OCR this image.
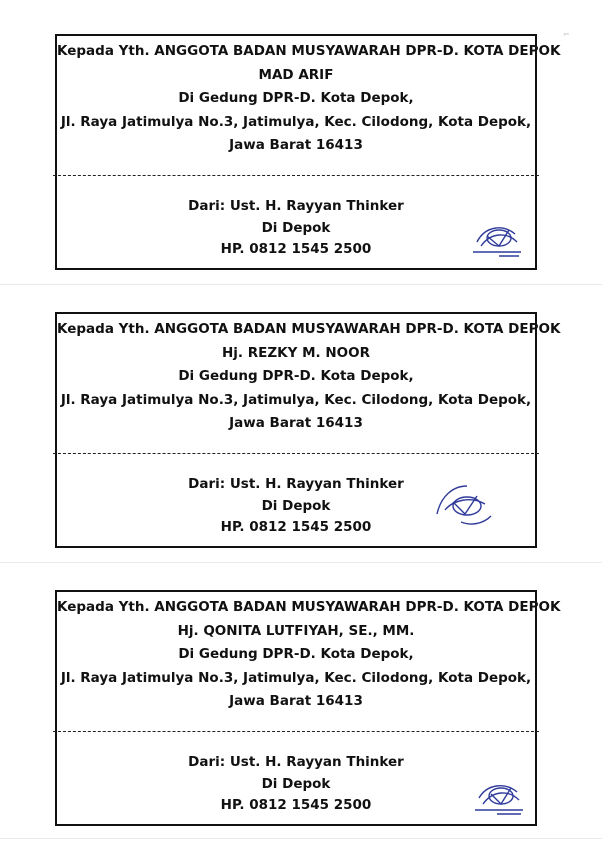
⌐
Kepada Yth. ANGGOTA BADAN MUSYAWARAH DPR-D. KOTA DEPOK
MAD ARIF
Di Gedung DPR-D. Kota Depok,
Jl. Raya Jatimulya No.3, Jatimulya, Kec. Cilodong, Kota Depok,
Jawa Barat 16413
Dari: Ust. H. Rayyan Thinker
Di Depok
HP. 0812 1545 2500
Kepada Yth. ANGGOTA BADAN MUSYAWARAH DPR-D. KOTA DEPOK
Hj. REZKY M. NOOR
Di Gedung DPR-D. Kota Depok,
Jl. Raya Jatimulya No.3, Jatimulya, Kec. Cilodong, Kota Depok,
Jawa Barat 16413
Dari: Ust. H. Rayyan Thinker
Di Depok
HP. 0812 1545 2500
Kepada Yth. ANGGOTA BADAN MUSYAWARAH DPR-D. KOTA DEPOK
Hj. QONITA LUTFIYAH, SE., MM.
Di Gedung DPR-D. Kota Depok,
Jl. Raya Jatimulya No.3, Jatimulya, Kec. Cilodong, Kota Depok,
Jawa Barat 16413
Dari: Ust. H. Rayyan Thinker
Di Depok
HP. 0812 1545 2500
